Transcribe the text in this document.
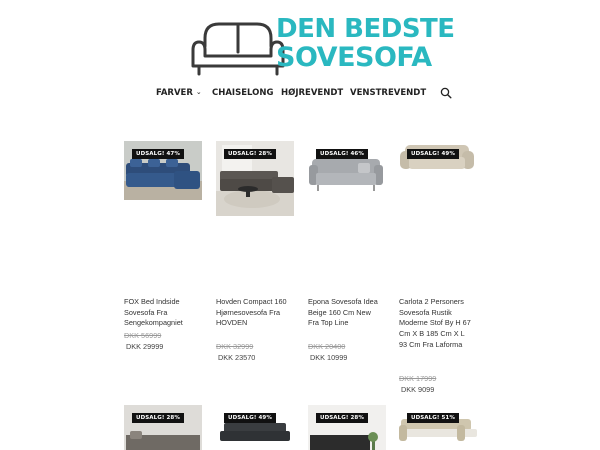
DEN BEDSTE
SOVESOFA
FARVER ⌄ CHAISELONG HØJREVENDT VENSTREVENDT
UDSALG! 47%
FOX Bed Indside Sovesofa Fra Sengekompagniet
DKK 56999
DKK 29999
UDSALG! 28%
Hovden Compact 160 Hjørnesovesofa Fra HOVDEN
DKK 32999
DKK 23570
UDSALG! 46%
Epona Sovesofa Idea Beige 160 Cm New Fra Top Line
DKK 20400
DKK 10999
UDSALG! 49%
Carlota 2 Personers Sovesofa Rustik Moderne Stof By H 67 Cm X B 185 Cm X L 93 Cm Fra Laforma
DKK 17999
DKK 9099
UDSALG! 28%	UDSALG! 49%	UDSALG! 28%	UDSALG! 51%
